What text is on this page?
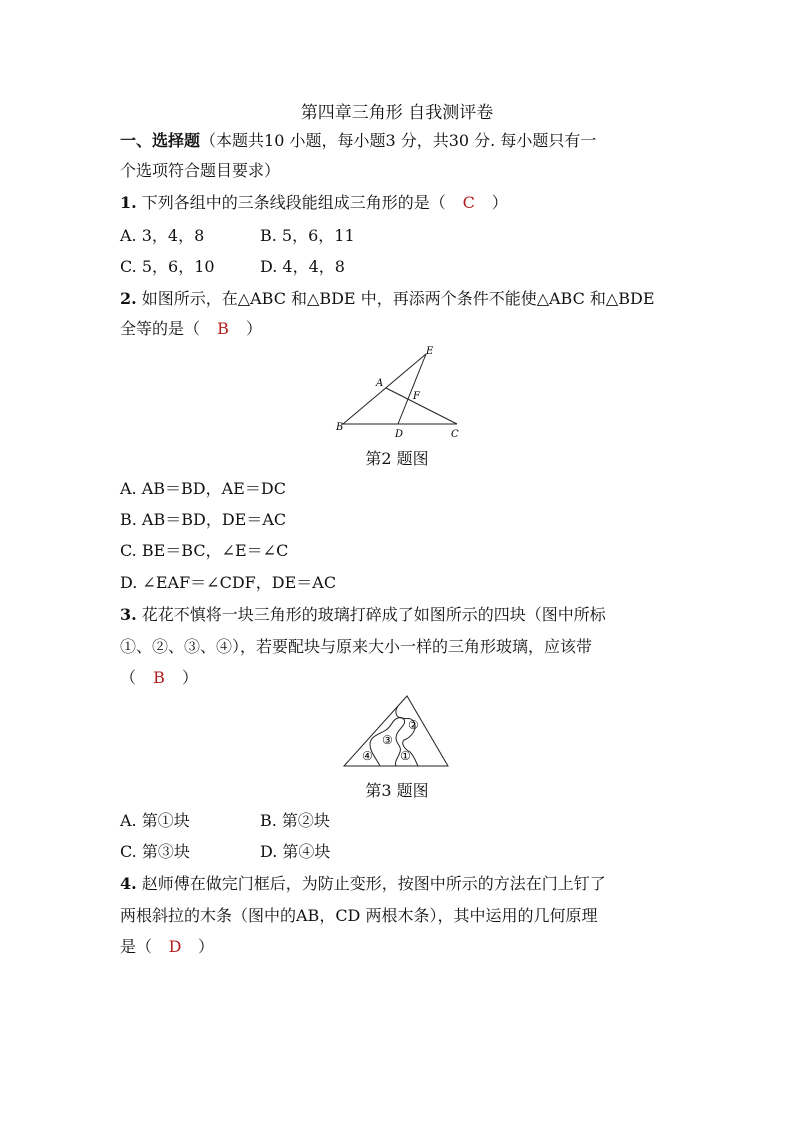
第四章三角形 自我测评卷
一、选择题（本题共10 小题，每小题3 分，共30 分. 每小题只有一
个选项符合题目要求）
1. 下列各组中的三条线段能组成三角形的是（ C ）
A. 3，4，8	B. 5，6，11
C. 5，6，10	D. 4，4，8
2. 如图所示，在△ABC 和△BDE 中，再添两个条件不能使△ABC 和△BDE
全等的是（ B ）
E
A
F
B
D	C
第2 题图
A. AB＝BD，AE＝DC
B. AB＝BD，DE＝AC
C. BE＝BC，∠E＝∠C
D. ∠EAF＝∠CDF，DE＝AC
3. 花花不慎将一块三角形的玻璃打碎成了如图所示的四块（图中所标
①、②、③、④），若要配块与原来大小一样的三角形玻璃，应该带
（ B ）
②
③
①
④
第3 题图
A. 第①块	B. 第②块
C. 第③块	D. 第④块
4. 赵师傅在做完门框后，为防止变形，按图中所示的方法在门上钉了
两根斜拉的木条（图中的AB，CD 两根木条），其中运用的几何原理
是（ D ）
